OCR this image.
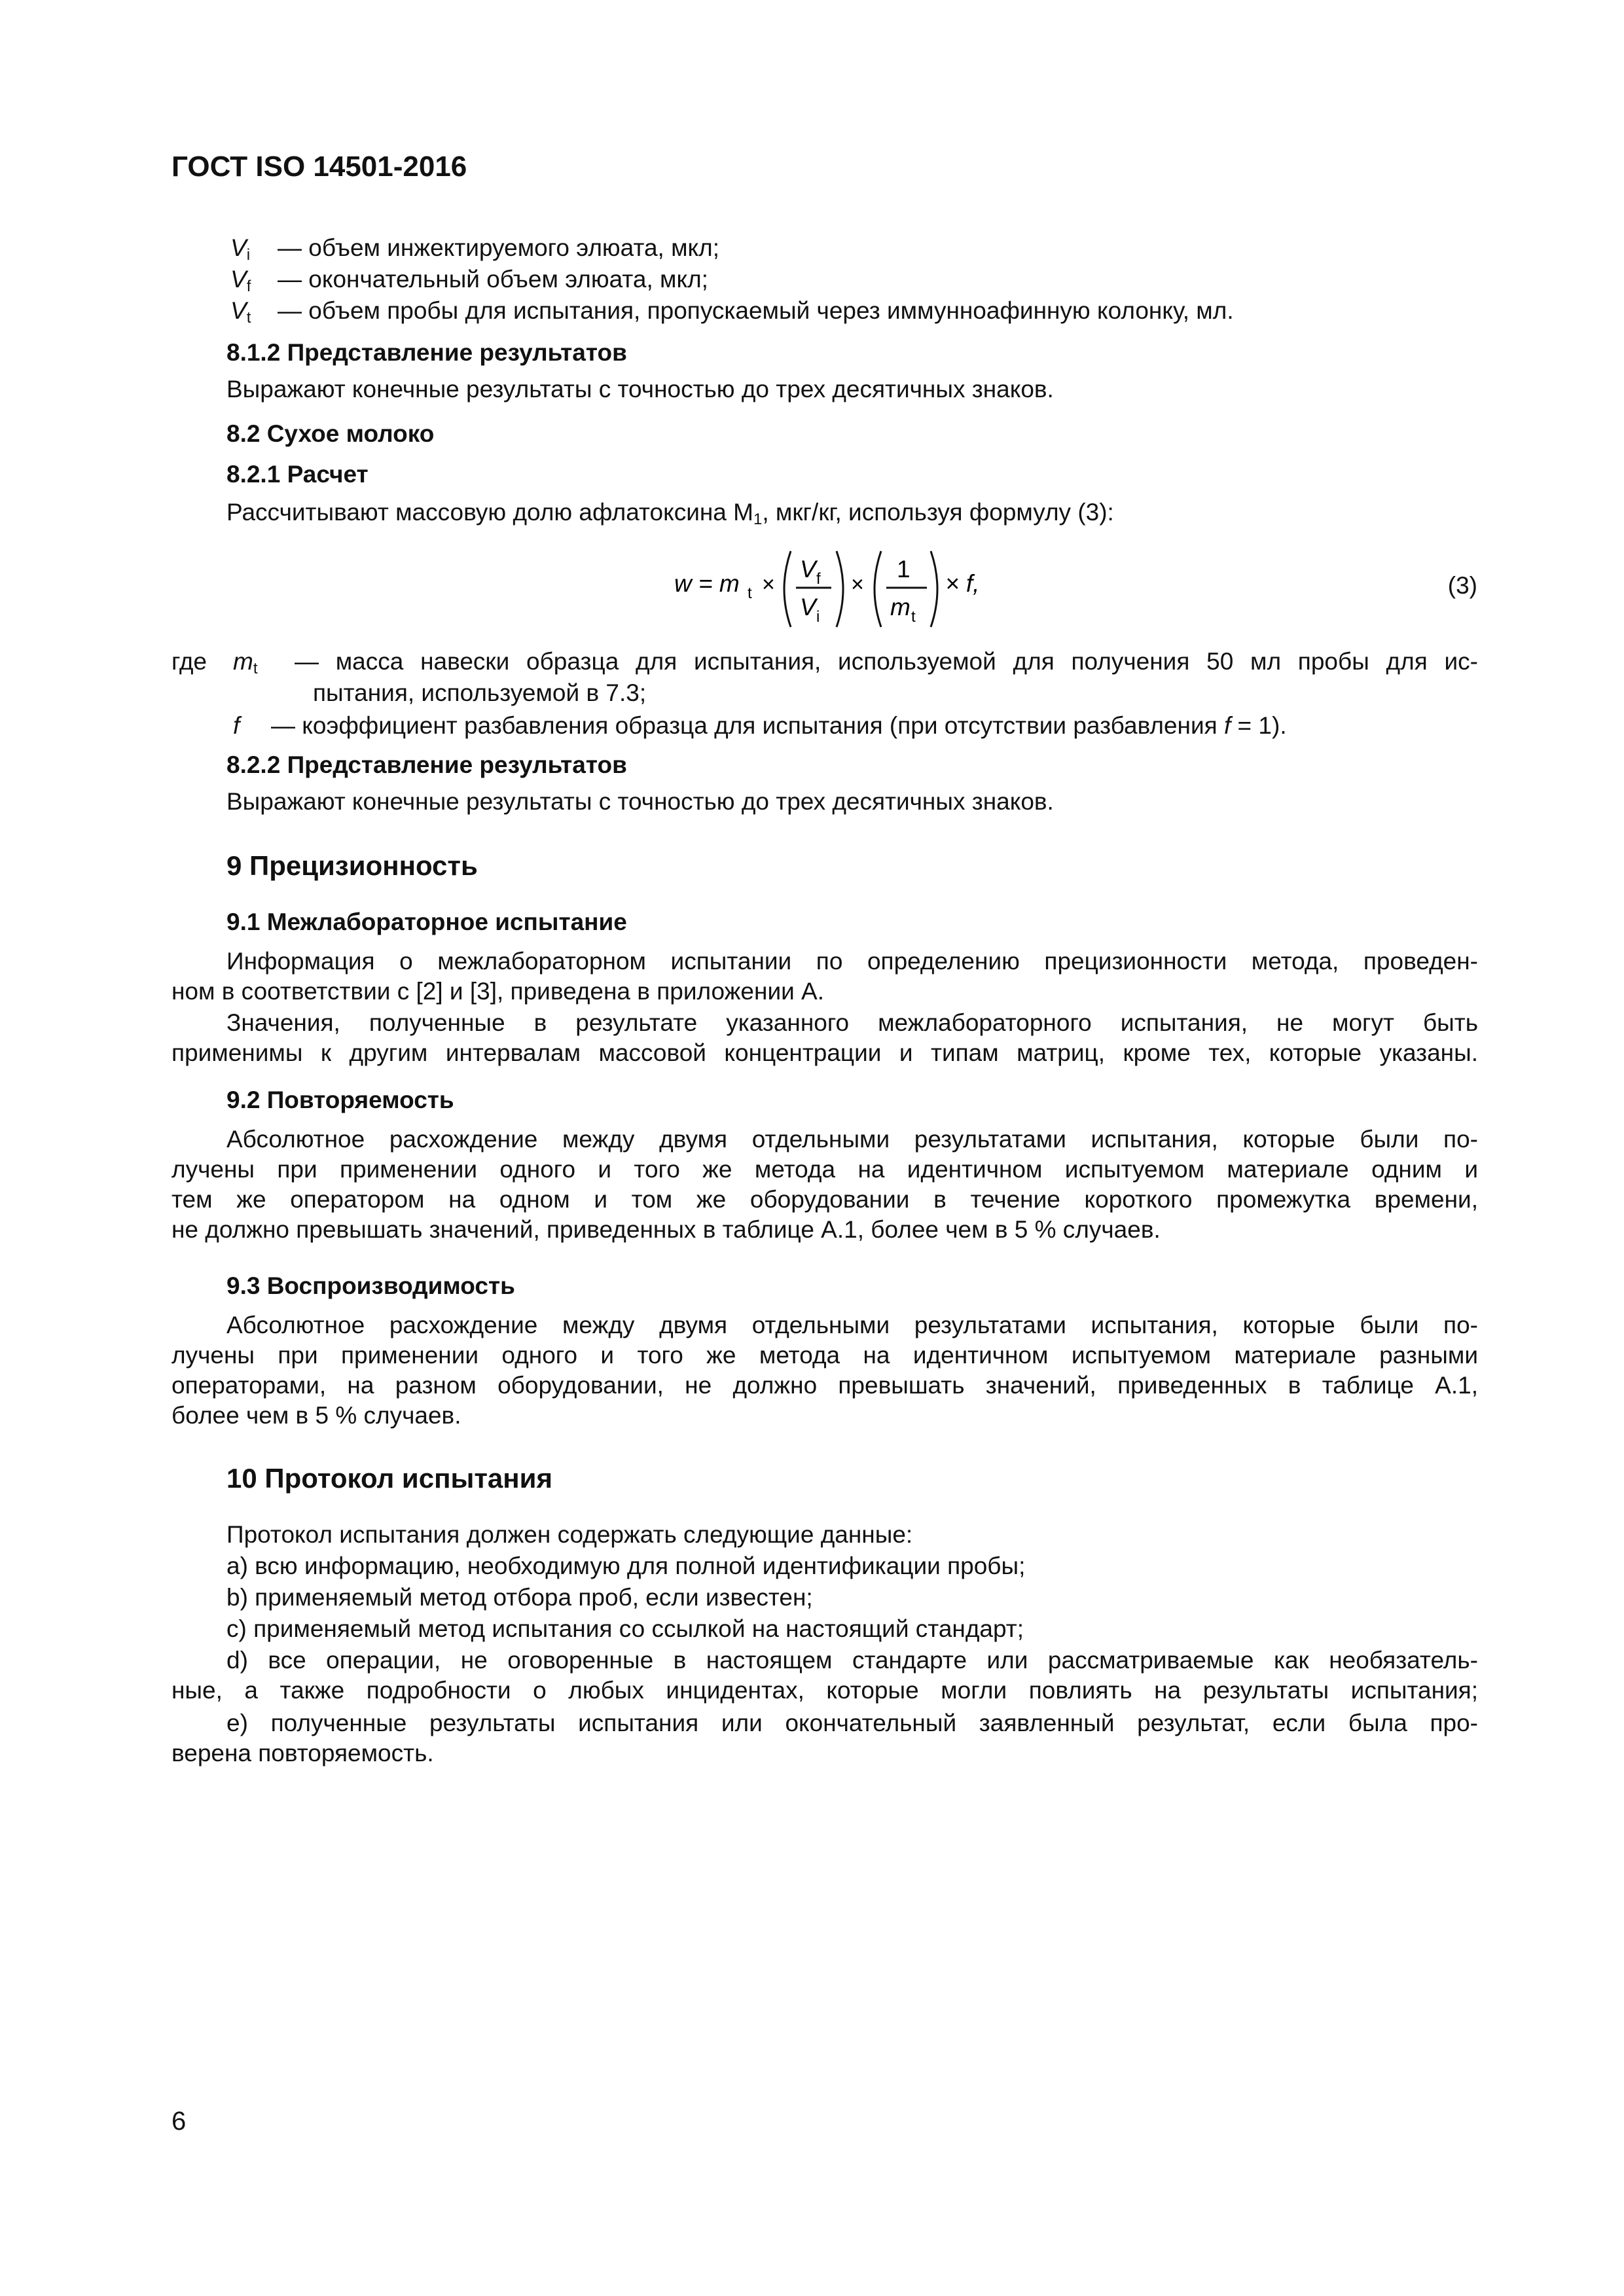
ГОСТ ISO 14501-2016
$V_i$ — объем инжектируемого элюата, мкл;
$V_f$ — окончательный объем элюата, мкл;
$V_t$ — объем пробы для испытания, пропускаемый через иммунноафинную колонку, мл.
8.1.2 Представление результатов
Выражают конечные результаты с точностью до трех десятичных знаков.
8.2 Сухое молоко
8.2.1 Расчет
Рассчитывают массовую долю афлатоксина $M_1$, мкг/кг, используя формулу (3):
w = m t ×
V f
V i
×
1
m t
× f,	(3)
где $m_t$ — масса навески образца для испытания, используемой для получения 50 мл пробы для ис-
пытания, используемой в 7.3;
f — коэффициент разбавления образца для испытания (при отсутствии разбавления f = 1).
8.2.2 Представление результатов
Выражают конечные результаты с точностью до трех десятичных знаков.
9 Прецизионность
9.1 Межлабораторное испытание
Информация о межлабораторном испытании по определению прецизионности метода, проведен-
ном в соответствии с [2] и [3], приведена в приложении А.
Значения, полученные в результате указанного межлабораторного испытания, не могут быть
применимы к другим интервалам массовой концентрации и типам матриц, кроме тех, которые указаны.
9.2 Повторяемость
Абсолютное расхождение между двумя отдельными результатами испытания, которые были по-
лучены при применении одного и того же метода на идентичном испытуемом материале одним и
тем же оператором на одном и том же оборудовании в течение короткого промежутка времени,
не должно превышать значений, приведенных в таблице А.1, более чем в 5 % случаев.
9.3 Воспроизводимость
Абсолютное расхождение между двумя отдельными результатами испытания, которые были по-
лучены при применении одного и того же метода на идентичном испытуемом материале разными
операторами, на разном оборудовании, не должно превышать значений, приведенных в таблице А.1,
более чем в 5 % случаев.
10 Протокол испытания
Протокол испытания должен содержать следующие данные:
a) всю информацию, необходимую для полной идентификации пробы;
b) применяемый метод отбора проб, если известен;
c) применяемый метод испытания со ссылкой на настоящий стандарт;
d) все операции, не оговоренные в настоящем стандарте или рассматриваемые как необязатель-
ные, а также подробности о любых инцидентах, которые могли повлиять на результаты испытания;
e) полученные результаты испытания или окончательный заявленный результат, если была про-
верена повторяемость.
6
